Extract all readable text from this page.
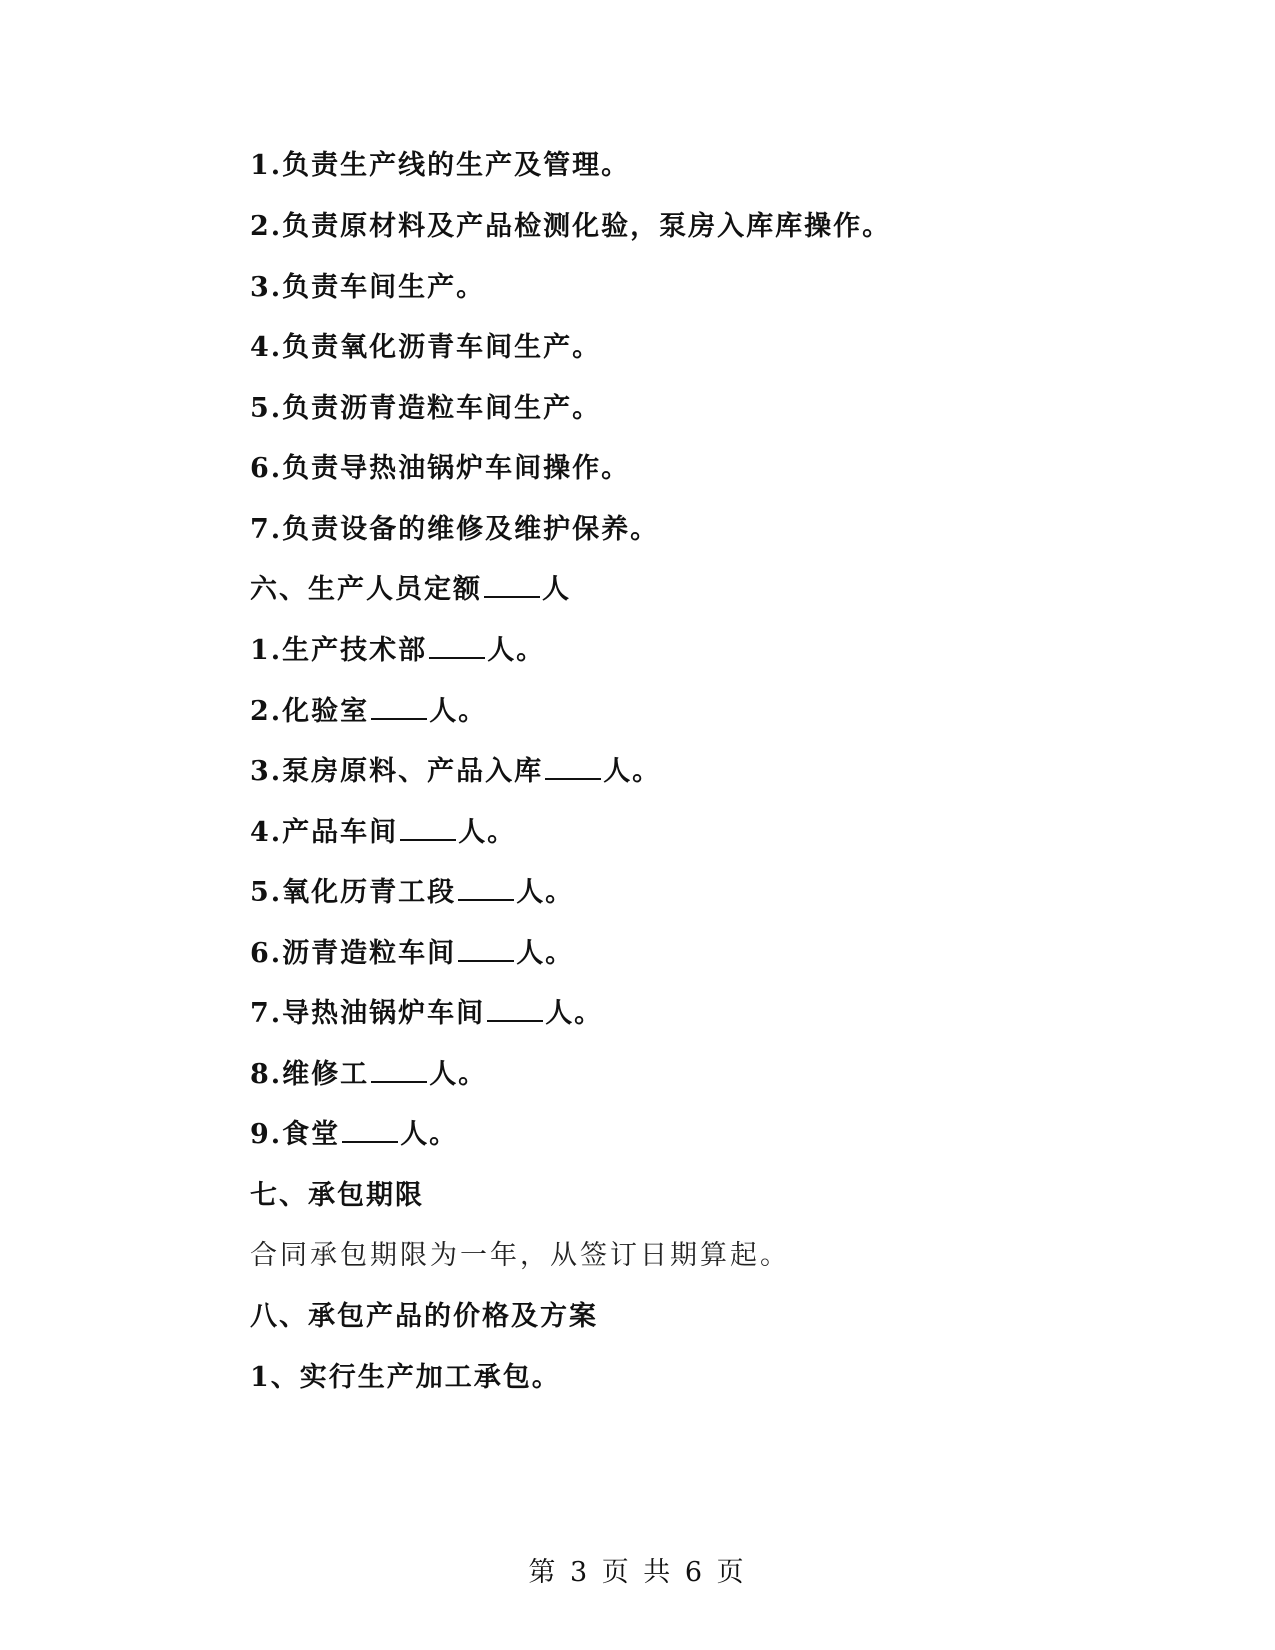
1.负责生产线的生产及管理。
2.负责原材料及产品检测化验，泵房入库库操作。
3.负责车间生产。
4.负责氧化沥青车间生产。
5.负责沥青造粒车间生产。
6.负责导热油锅炉车间操作。
7.负责设备的维修及维护保养。
六、生产人员定额 人
1.生产技术部 人。
2.化验室 人。
3.泵房原料、产品入库 人。
4.产品车间 人。
5.氧化历青工段 人。
6.沥青造粒车间 人。
7.导热油锅炉车间 人。
8.维修工 人。
9.食堂 人。
七、承包期限
合同承包期限为一年，从签订日期算起。
八、承包产品的价格及方案
1、实行生产加工承包。
第 3 页 共 6 页
